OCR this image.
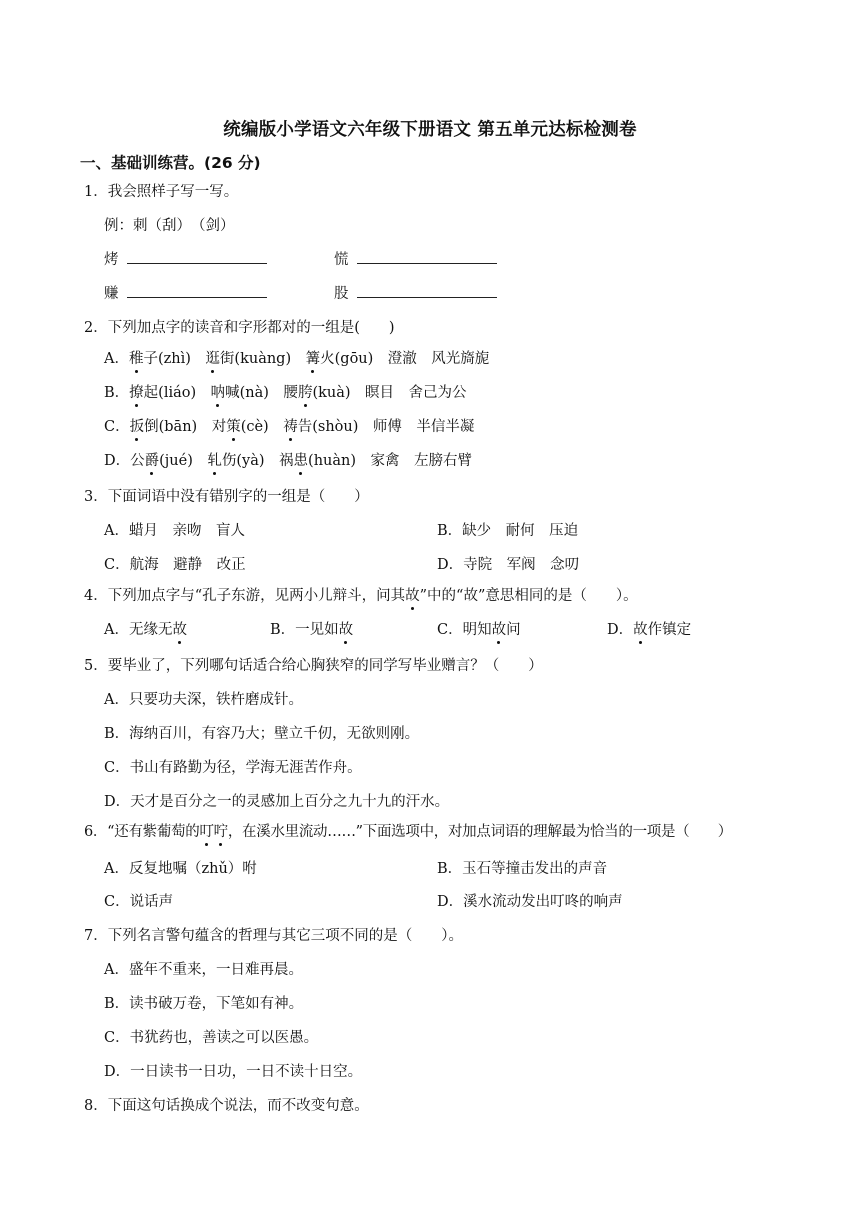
统编版小学语文六年级下册语文 第五单元达标检测卷
一、基础训练营。(26 分)
1．我会照样子写一写。
例：刺（刮）　（剑）
烤	慌
赚	股
2．下列加点字的读音和字形都对的一组是(　　)
A．稚子(zhì)　逛街(kuàng)　篝火(gōu)　澄澈　风光旖旎
B．撩起(liáo)　呐喊(nà)　腰胯(kuà)　瞑目　舍己为公
C．扳倒(bān)　对策(cè)　祷告(shòu)　师傅　半信半凝
D．公爵(jué)　轧伤(yà)　祸患(huàn)　家禽　左膀右臂
3．下面词语中没有错别字的一组是（　　）
A．蜡月　亲吻　盲人	B．缺少　耐何　压迫
C．航海　避静　改正	D．寺院　军阀　念叨
4．下列加点字与“孔子东游，见两小儿辩斗，问其故”中的“故”意思相同的是（　　）。
A．无缘无故	B．一见如故	C．明知故问	D．故作镇定
5．要毕业了，下列哪句话适合给心胸狭窄的同学写毕业赠言？（　　）
A．只要功夫深，铁杵磨成针。
B．海纳百川，有容乃大；壁立千仞，无欲则刚。
C．书山有路勤为径，学海无涯苦作舟。
D．天才是百分之一的灵感加上百分之九十九的汗水。
6．“还有紫葡萄的叮咛，在溪水里流动……”下面选项中，对加点词语的理解最为恰当的一项是（　　）
A．反复地嘱（zhǔ）咐	B．玉石等撞击发出的声音
C．说话声	D．溪水流动发出叮咚的响声
7．下列名言警句蕴含的哲理与其它三项不同的是（　　）。
A．盛年不重来，一日难再晨。
B．读书破万卷，下笔如有神。
C．书犹药也，善读之可以医愚。
D．一日读书一日功，一日不读十日空。
8．下面这句话换成个说法，而不改变句意。
